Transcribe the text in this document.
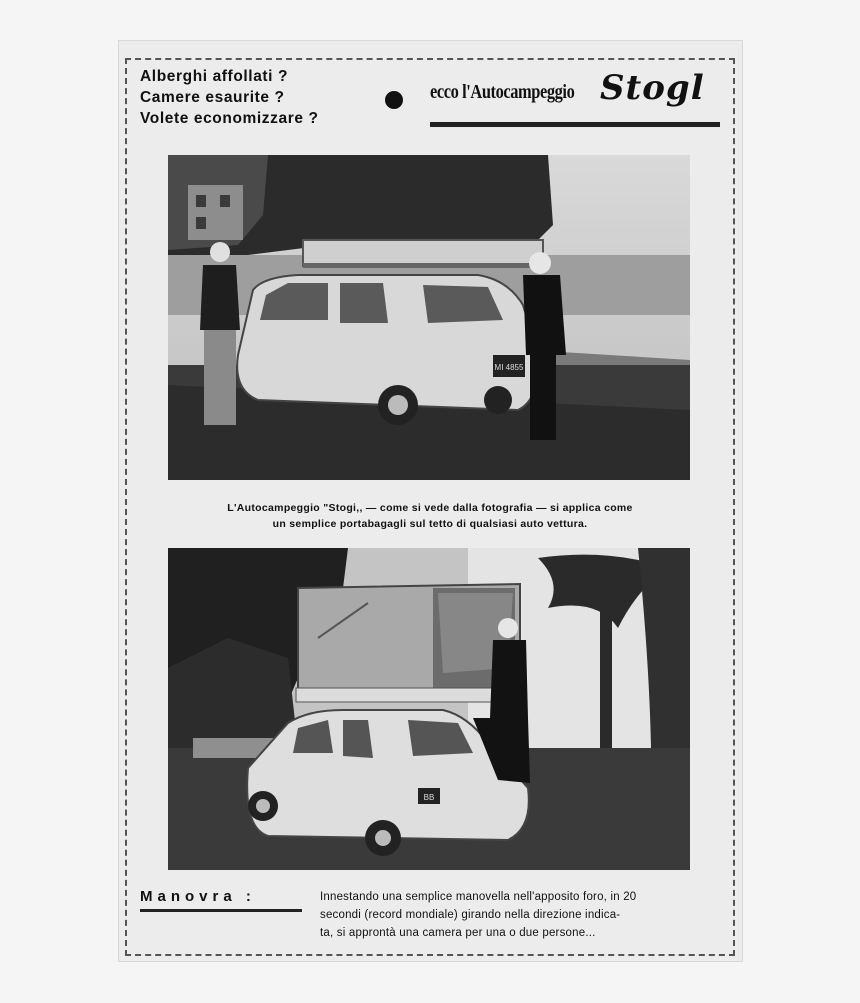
Alberghi affollati ?
Camere esaurite ?
Volete economizzare ?
ecco l'Autocampeggio Stogl
MI 4855
L'Autocampeggio "Stogi,, — come si vede dalla fotografia — si applica come
un semplice portabagagli sul tetto di qualsiasi auto vettura.
BB
Manovra :	Innestando una semplice manovella nell'apposito foro, in 20
secondi (record mondiale) girando nella direzione indica-
ta, si approntà una camera per una o due persone...
